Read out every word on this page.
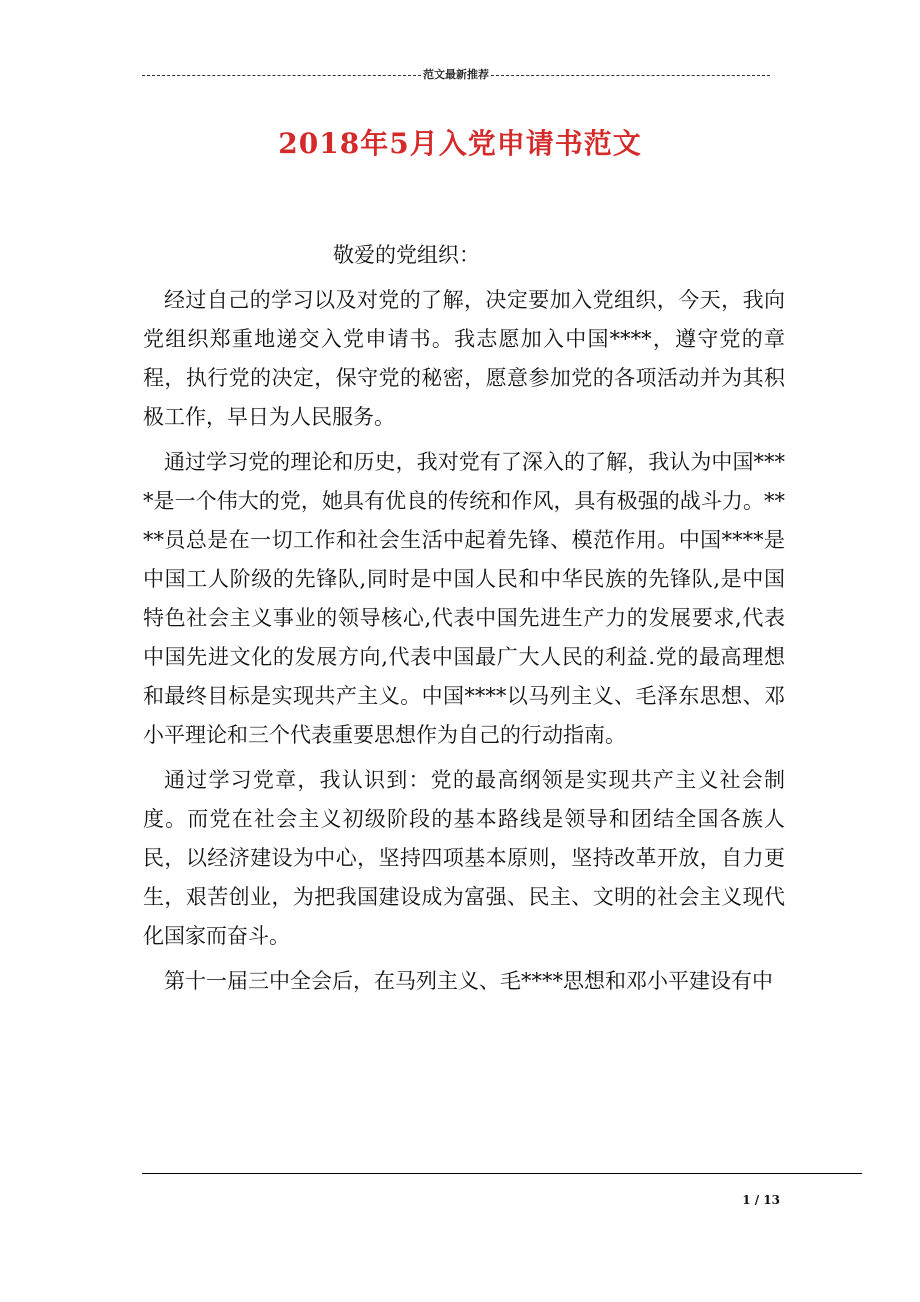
范文最新推荐
2018年5月入党申请书范文
敬爱的党组织：

经过自己的学习以及对党的了解，决定要加入党组织，今天，我向党组织郑重地递交入党申请书。我志愿加入中国****，遵守党的章程，执行党的决定，保守党的秘密，愿意参加党的各项活动并为其积极工作，早日为人民服务。

通过学习党的理论和历史，我对党有了深入的了解，我认为中国****是一个伟大的党，她具有优良的传统和作风，具有极强的战斗力。****员总是在一切工作和社会生活中起着先锋、模范作用。中国****是中国工人阶级的先锋队,同时是中国人民和中华民族的先锋队,是中国特色社会主义事业的领导核心,代表中国先进生产力的发展要求,代表中国先进文化的发展方向,代表中国最广大人民的利益.党的最高理想和最终目标是实现共产主义。中国****以马列主义、毛泽东思想、邓小平理论和三个代表重要思想作为自己的行动指南。

通过学习党章，我认识到：党的最高纲领是实现共产主义社会制度。而党在社会主义初级阶段的基本路线是领导和团结全国各族人民，以经济建设为中心，坚持四项基本原则，坚持改革开放，自力更生，艰苦创业，为把我国建设成为富强、民主、文明的社会主义现代化国家而奋斗。

第十一届三中全会后，在马列主义、毛****思想和邓小平建设有中

1 / 13
